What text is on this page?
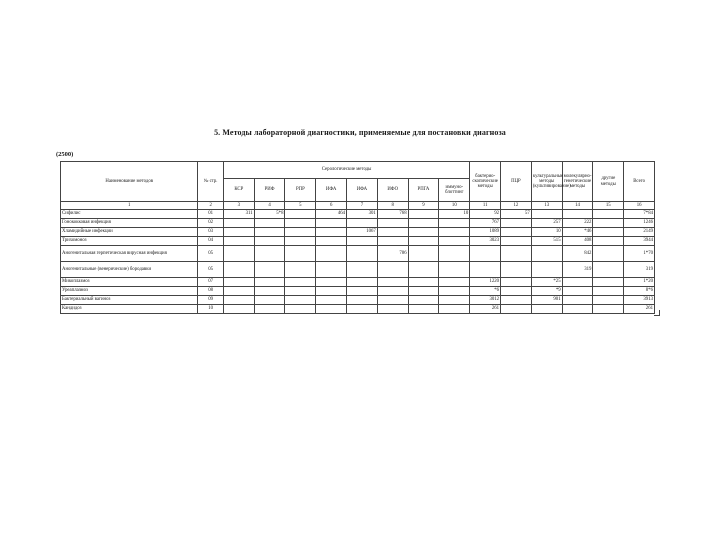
5. Методы лабораторной диагностики, применяемые для постановки диагноза
(2500)
Наименование методов	№ стр.	Серологические методы								бактерио-скопические методы	ПЦР	культуральные методы (культивирование)	молекулярно-генетические методы	другие методы	Всего
		КСР	РИФ	РПР	ИФА	ИФА	ИФО	РПГА	иммуно-блоттинг						
1	2	3	4	5	6	7	8	9	10	11	12	13	14	15	16
Сифилис	01	311	5*8		464	301	768		10	92	57				7*84
Гонококковая инфекция	02									767		257	222		1246
Хламидийные инфекции	03					1067				1089		10	*46		2149
Трихомоноз	04									3023		515	408		3944
Аногенитальная герпетическая вирусная инфекция	05						786						842		1*70
Аногенитальные (венерические) бородавки	05												319		319
Микоплазмоз	07									1220		*25			1*20
Уреаплазмоз	08									*6		*9			8*6
Бактериальный вагиноз	09									3012		901			3913
Кандидоз	10									261					261
